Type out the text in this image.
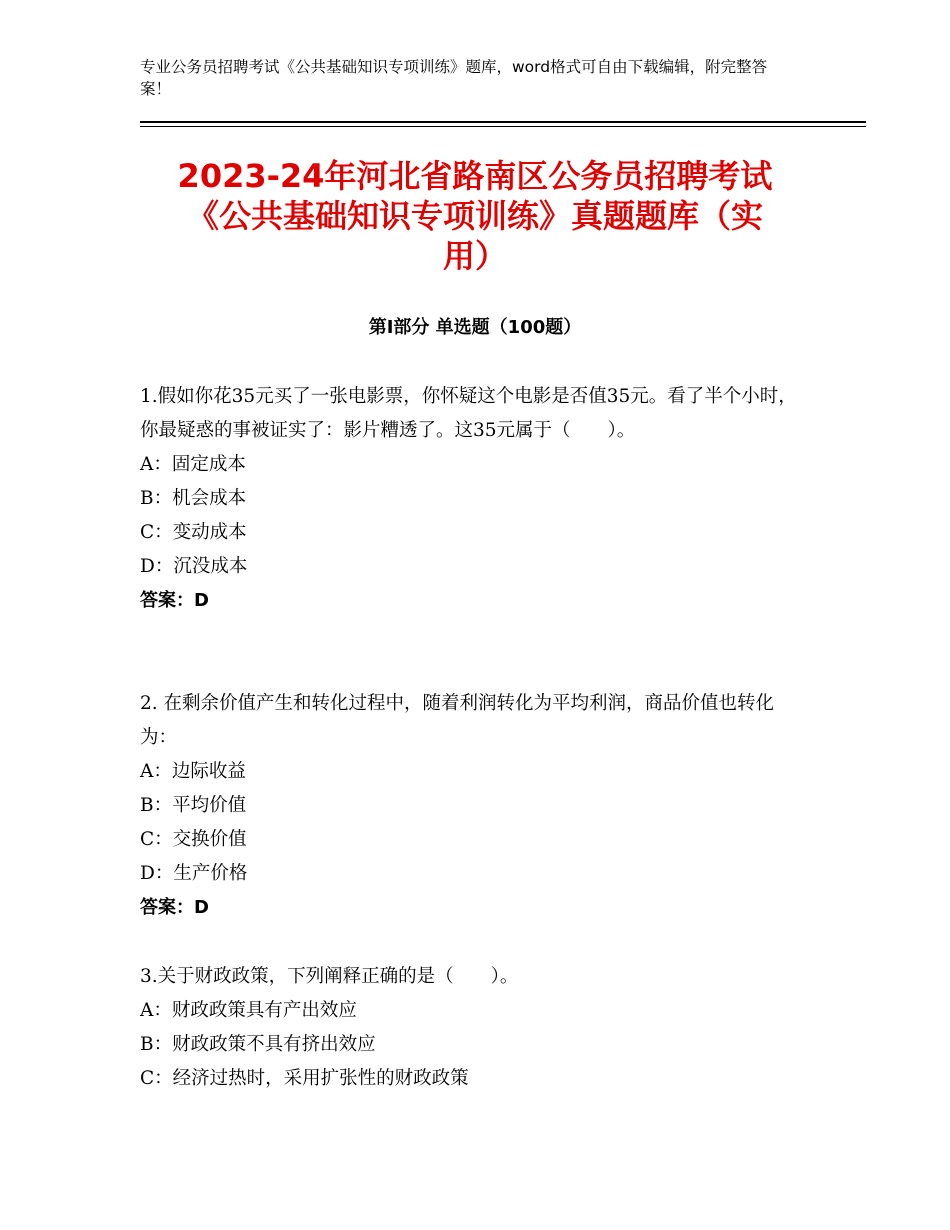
专业公务员招聘考试《公共基础知识专项训练》题库，word格式可自由下载编辑，附完整答案！
2023-24年河北省路南区公务员招聘考试
《公共基础知识专项训练》真题题库（实
用）
第I部分 单选题（100题）

1.假如你花35元买了一张电影票，你怀疑这个电影是否值35元。看了半个小时，你最疑惑的事被证实了：影片糟透了。这35元属于（　　）。

A：固定成本

B：机会成本

C：变动成本

D：沉没成本

答案：D

2. 在剩余价值产生和转化过程中，随着利润转化为平均利润，商品价值也转化为：

A：边际收益

B：平均价值

C：交换价值

D：生产价格

答案：D

3.关于财政政策，下列阐释正确的是（　　）。

A：财政政策具有产出效应

B：财政政策不具有挤出效应

C：经济过热时，采用扩张性的财政政策
